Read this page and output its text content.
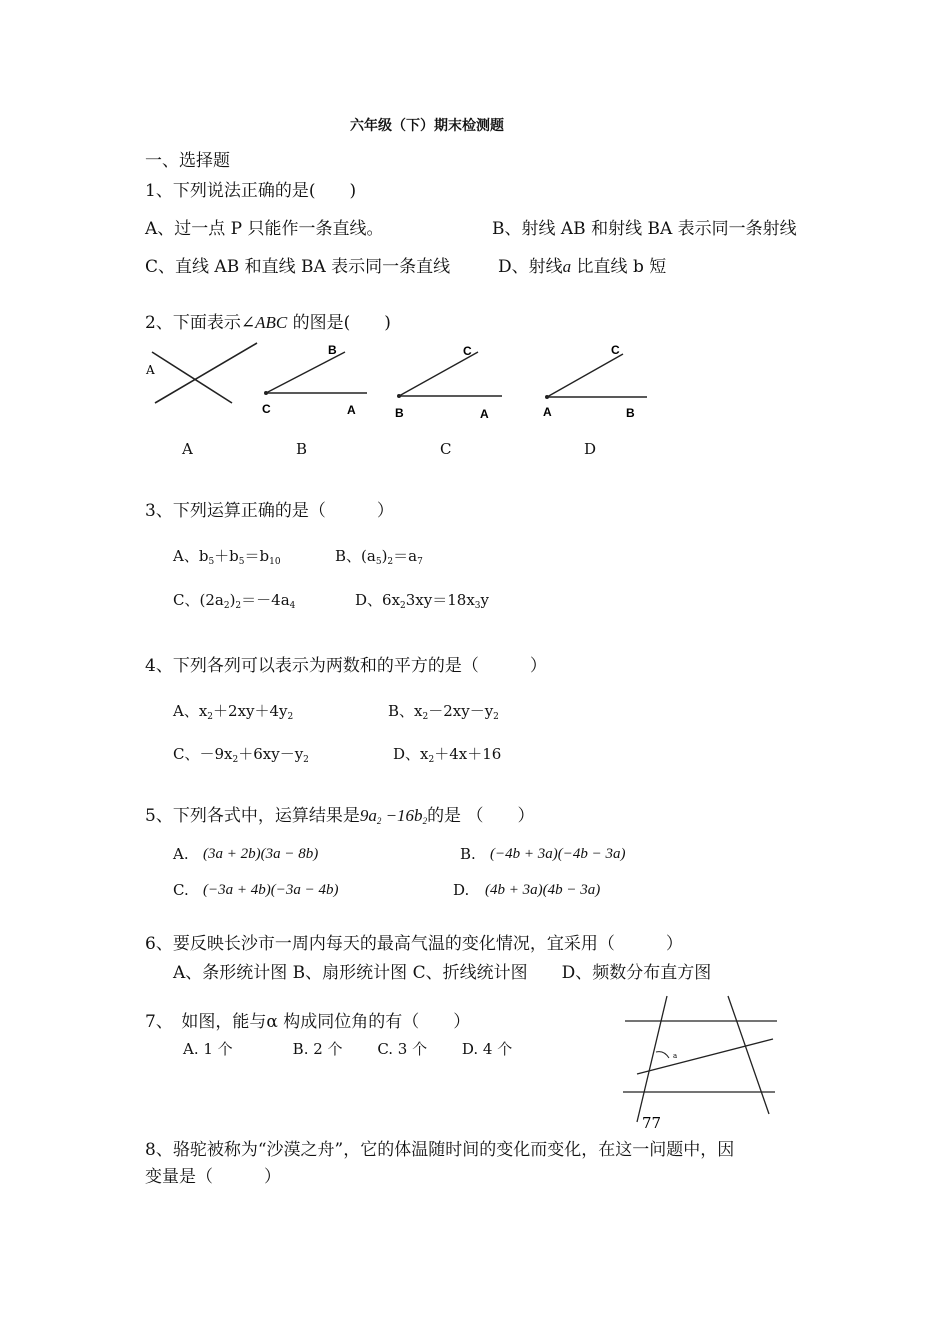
六年级（下）期末检测题
一、选择题
1、下列说法正确的是(　　)
A、过一点 P 只能作一条直线。	B、射线 AB 和射线 BA 表示同一条射线
C、直线 AB 和直线 BA 表示同一条直线	D、射线a 比直线 b 短
2、下面表示∠ABC 的图是(　　)
A
C	A
B
B	A
C
A	B
C
A	B	C	D
3、下列运算正确的是（　　　）
A、$b_5+b_5=b_{10}$	B、$(a_5)_2=a_7$
C、$(2a_2)_2=-4a_4$	D、$6x_23xy=18x_3y$
4、下列各列可以表示为两数和的平方的是（　　　）
A、$x_2+2xy+4y_2$	B、$x_2-2xy-y_2$
C、$-9x_2+6xy-y_2$	D、$x_2+4x+16$
5、下列各式中，运算结果是9a2 −16b2的是 （　　）
A. (3a + 2b)(3a − 8b)	B. (−4b + 3a)(−4b − 3a)
C. (−3a + 4b)(−3a − 4b)	D. (4b + 3a)(4b − 3a)
6、要反映长沙市一周内每天的最高气温的变化情况，宜采用（　　　）
A、条形统计图 B、扇形统计图 C、折线统计图　　D、频数分布直方图
7、　如图，能与α 构成同位角的有（　　）
A. 1 个　　　　B. 2 个　　 C. 3 个　　 D. 4 个	a
77
8、骆驼被称为“沙漠之舟”，它的体温随时间的变化而变化，在这一问题中，因
变量是（　　　）
